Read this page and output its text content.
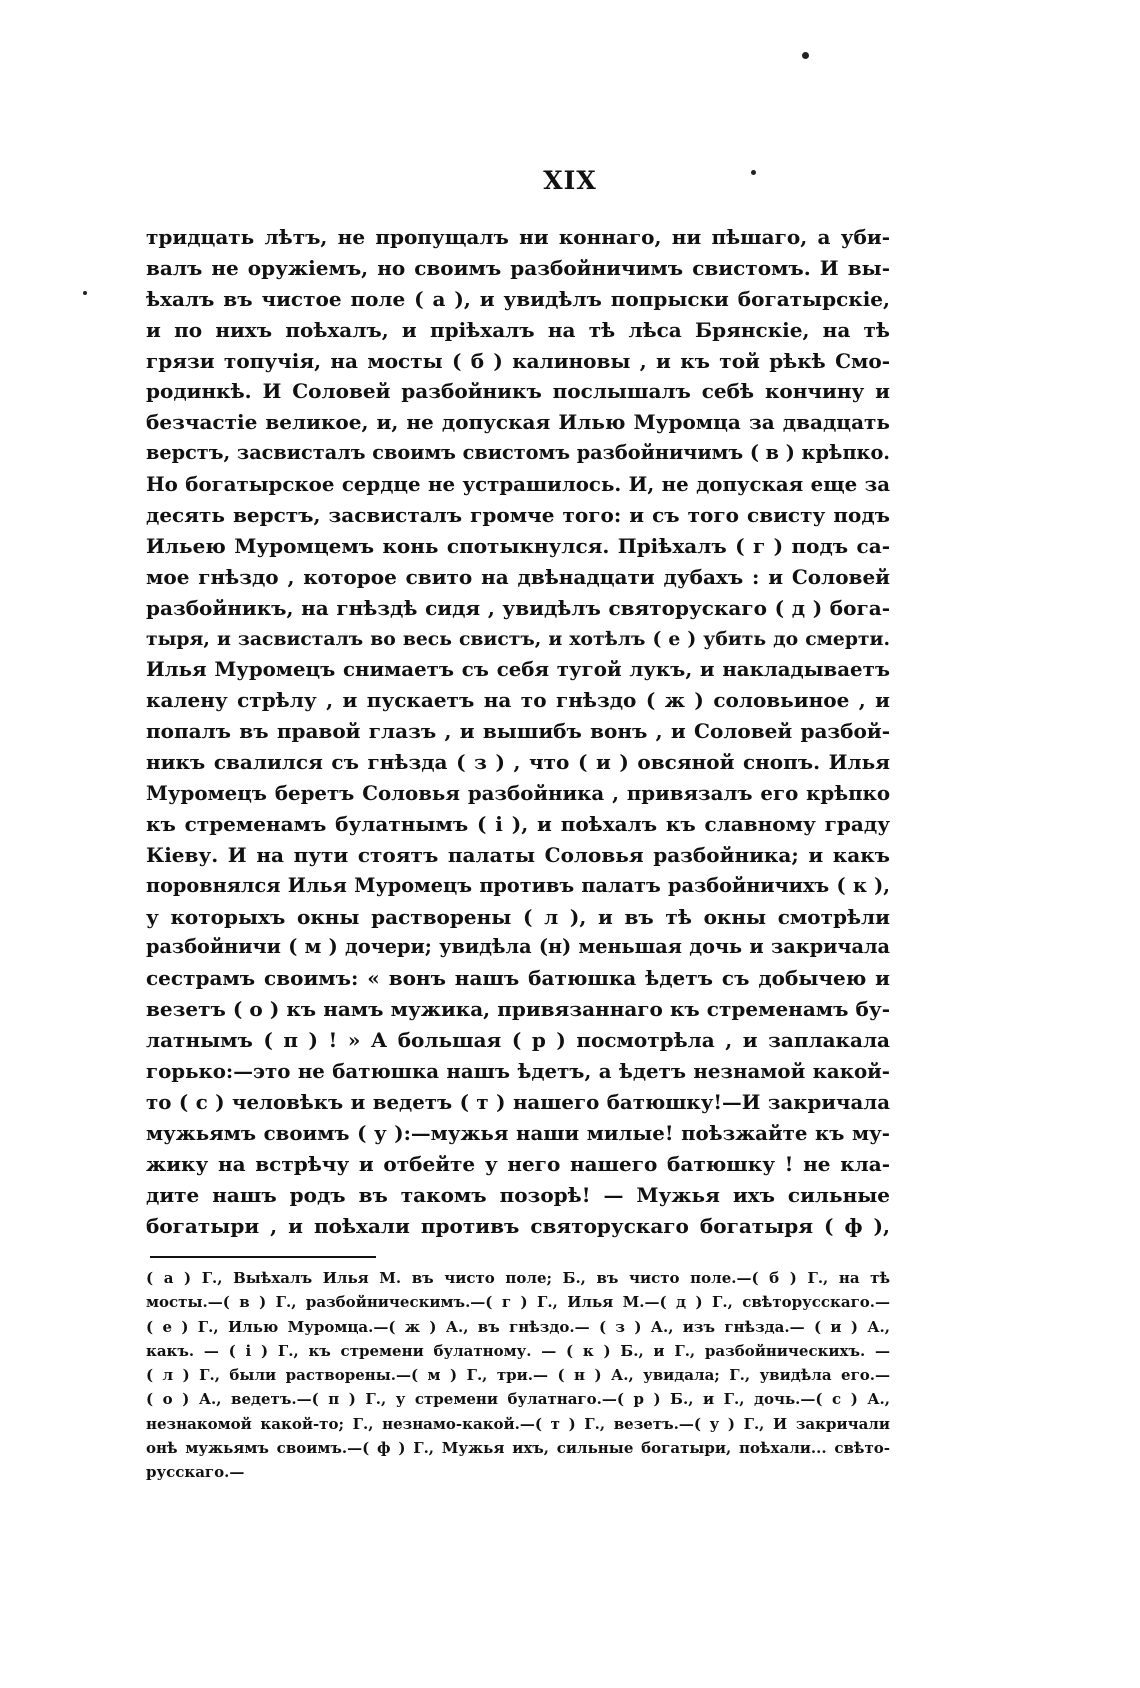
XIX
тридцать лѣтъ, не пропущалъ ни коннаго, ни пѣшаго, а уби-
валъ не оружіемъ, но своимъ разбойничимъ свистомъ. И вы-
ѣхалъ въ чистое поле ( а ), и увидѣлъ попрыски богатырскіе,
и по нихъ поѣхалъ, и пріѣхалъ на тѣ лѣса Брянскіе, на тѣ
грязи топучія, на мосты ( б ) калиновы , и къ той рѣкѣ Смо-
родинкѣ. И Соловей разбойникъ послышалъ себѣ кончину и
безчастіе великое, и, не допуская Илью Муромца за двадцать
верстъ, засвисталъ своимъ свистомъ разбойничимъ ( в ) крѣпко.
Но богатырское сердце не устрашилось. И, не допуская еще за
десять верстъ, засвисталъ громче того: и съ того свисту подъ
Ильею Муромцемъ конь спотыкнулся. Пріѣхалъ ( г ) подъ са-
мое гнѣздо , которое свито на двѣнадцати дубахъ : и Соловей
разбойникъ, на гнѣздѣ сидя , увидѣлъ святорускаго ( д ) бога-
тыря, и засвисталъ во весь свистъ, и хотѣлъ ( е ) убить до смерти.
Илья Муромецъ снимаетъ съ себя тугой лукъ, и накладываетъ
калену стрѣлу , и пускаетъ на то гнѣздо ( ж ) соловьиное , и
попалъ въ правой глазъ , и вышибъ вонъ , и Соловей разбой-
никъ свалился съ гнѣзда ( з ) , что ( и ) овсяной снопъ. Илья
Муромецъ беретъ Соловья разбойника , привязалъ его крѣпко
къ стременамъ булатнымъ ( і ), и поѣхалъ къ славному граду
Кіеву. И на пути стоятъ палаты Соловья разбойника; и какъ
поровнялся Илья Муромецъ противъ палатъ разбойничихъ ( к ),
у которыхъ окны растворены ( л ), и въ тѣ окны смотрѣли
разбойничи ( м ) дочери; увидѣла (н) меньшая дочь и закричала
сестрамъ своимъ: « вонъ нашъ батюшка ѣдетъ съ добычею и
везетъ ( о ) къ намъ мужика, привязаннаго къ стременамъ бу-
латнымъ ( п ) ! » А большая ( р ) посмотрѣла , и заплакала
горько:—это не батюшка нашъ ѣдетъ, а ѣдетъ незнамой какой-
то ( с ) человѣкъ и ведетъ ( т ) нашего батюшку!—И закричала
мужьямъ своимъ ( у ):—мужья наши милые! поѣзжайте къ му-
жику на встрѣчу и отбейте у него нашего батюшку ! не кла-
дите нашъ родъ въ такомъ позорѣ! — Мужья ихъ сильные
богатыри , и поѣхали противъ святорускаго богатыря ( ф ),
( а ) Г., Выѣхалъ Илья М. въ чисто поле; Б., въ чисто поле.—( б ) Г., на тѣ
мосты.—( в ) Г., разбойническимъ.—( г ) Г., Илья М.—( д ) Г., свѣторусскаго.—
( е ) Г., Илью Муромца.—( ж ) А., въ гнѣздо.— ( з ) А., изъ гнѣзда.— ( и ) А.,
какъ. — ( і ) Г., къ стремени булатному. — ( к ) Б., и Г., разбойническихъ. —
( л ) Г., были растворены.—( м ) Г., три.— ( н ) А., увидала; Г., увидѣла его.—
( о ) А., ведетъ.—( п ) Г., у стремени булатнаго.—( р ) Б., и Г., дочь.—( с ) А.,
незнакомой какой-то; Г., незнамо-какой.—( т ) Г., везетъ.—( у ) Г., И закричали
онѣ мужьямъ своимъ.—( ф ) Г., Мужья ихъ, сильные богатыри, поѣхали... свѣто-
русскаго.—
